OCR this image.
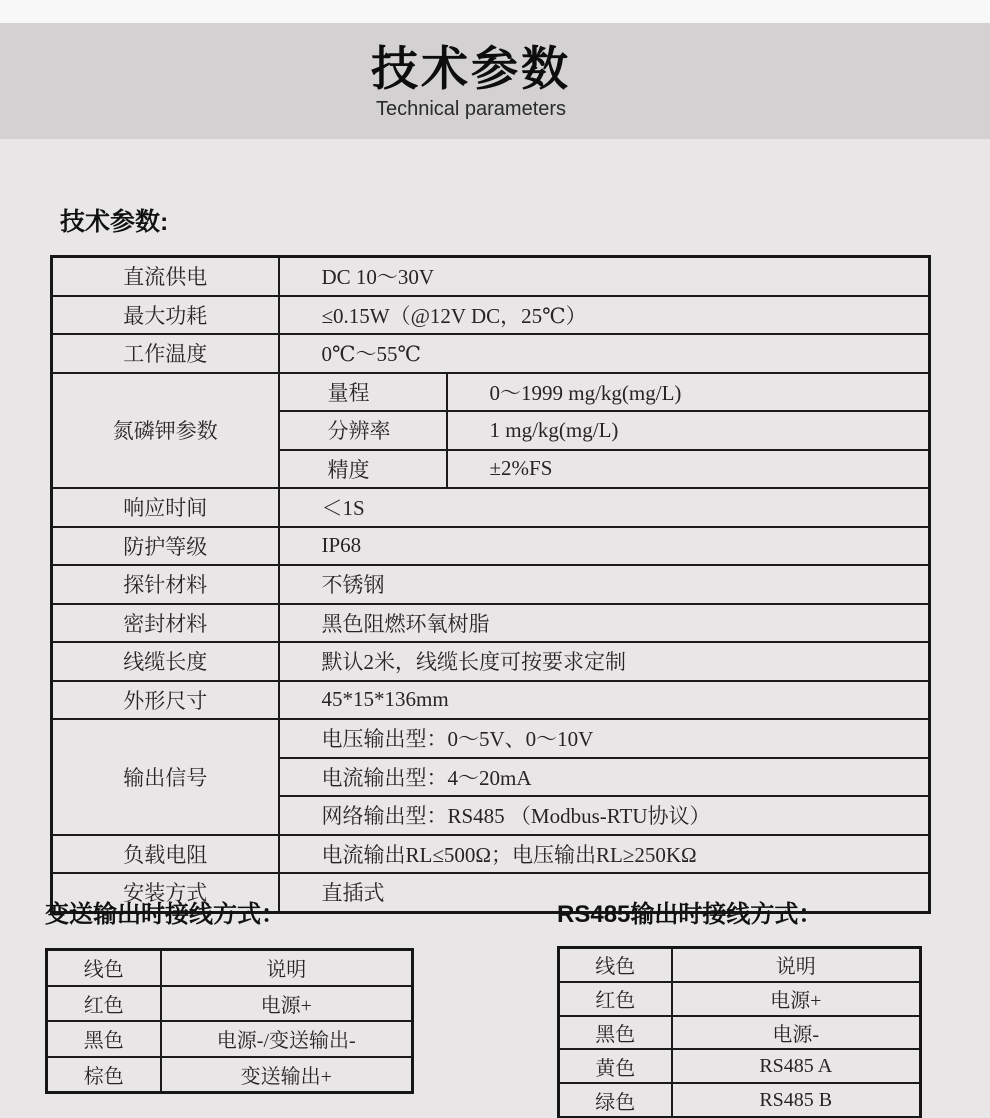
技术参数
Technical parameters
技术参数:
直流供电	DC 10～30V	
最大功耗	≤0.15W（@12V DC，25℃）	
工作温度	0℃～55℃	
氮磷钾参数	量程	0～1999 mg/kg(mg/L)
	分辨率	1 mg/kg(mg/L)
	精度	±2%FS
响应时间	＜1S	
防护等级	IP68	
探针材料	不锈钢	
密封材料	黑色阻燃环氧树脂	
线缆长度	默认2米，线缆长度可按要求定制	
外形尺寸	45*15*136mm	
输出信号	电压输出型：0～5V、0～10V	
	电流输出型：4～20mA	
	网络输出型：RS485 （Modbus-RTU协议）	
负载电阻	电流输出RL≤500Ω；电压输出RL≥250KΩ	
安装方式	直插式	
变送输出时接线方式：	RS485输出时接线方式：
线色	说明
红色	电源+
黑色	电源-/变送输出-
棕色	变送输出+
线色	说明
红色	电源+
黑色	电源-
黄色	RS485 A
绿色	RS485 B
